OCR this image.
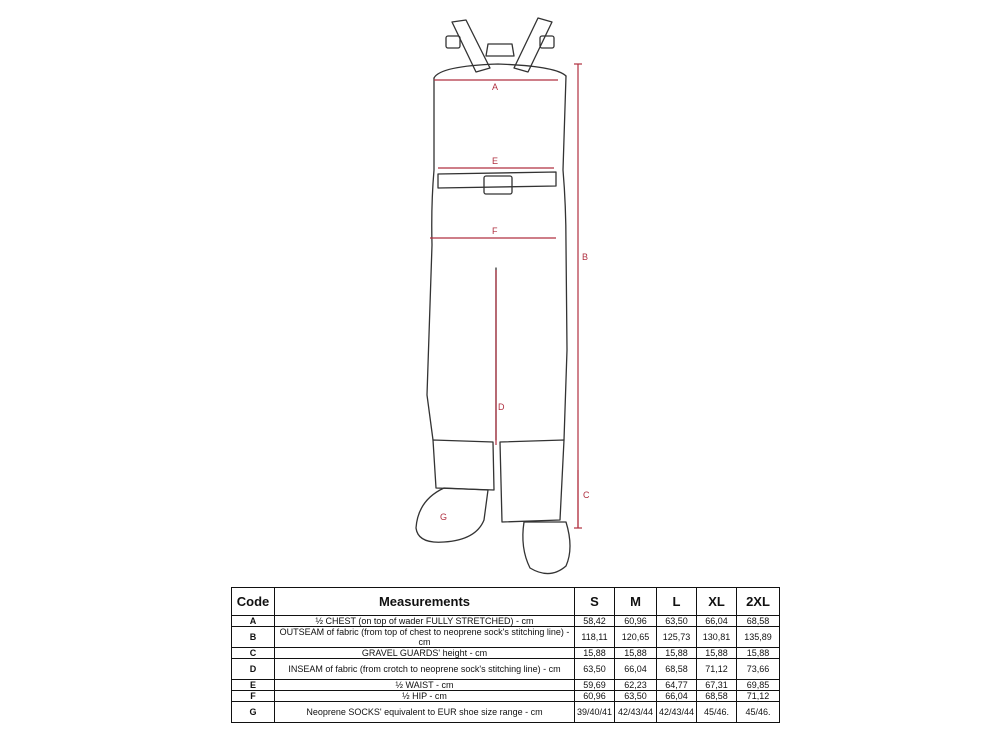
A
B
C
D
E
F
G
Code	Measurements	S	M	L	XL	2XL
A	½ CHEST (on top of wader FULLY STRETCHED) - cm	58,42	60,96	63,50	66,04	68,58
B	OUTSEAM of fabric (from top of chest to neoprene sock's stitching line) - cm	118,11	120,65	125,73	130,81	135,89
C	GRAVEL GUARDS' height - cm	15,88	15,88	15,88	15,88	15,88
D	INSEAM of fabric (from crotch to neoprene sock's stitching line) - cm	63,50	66,04	68,58	71,12	73,66
E	½ WAIST - cm	59,69	62,23	64,77	67,31	69,85
F	½ HIP - cm	60,96	63,50	66,04	68,58	71,12
G	Neoprene SOCKS' equivalent to EUR shoe size range - cm	39/40/41	42/43/44	42/43/44	45/46.	45/46.
